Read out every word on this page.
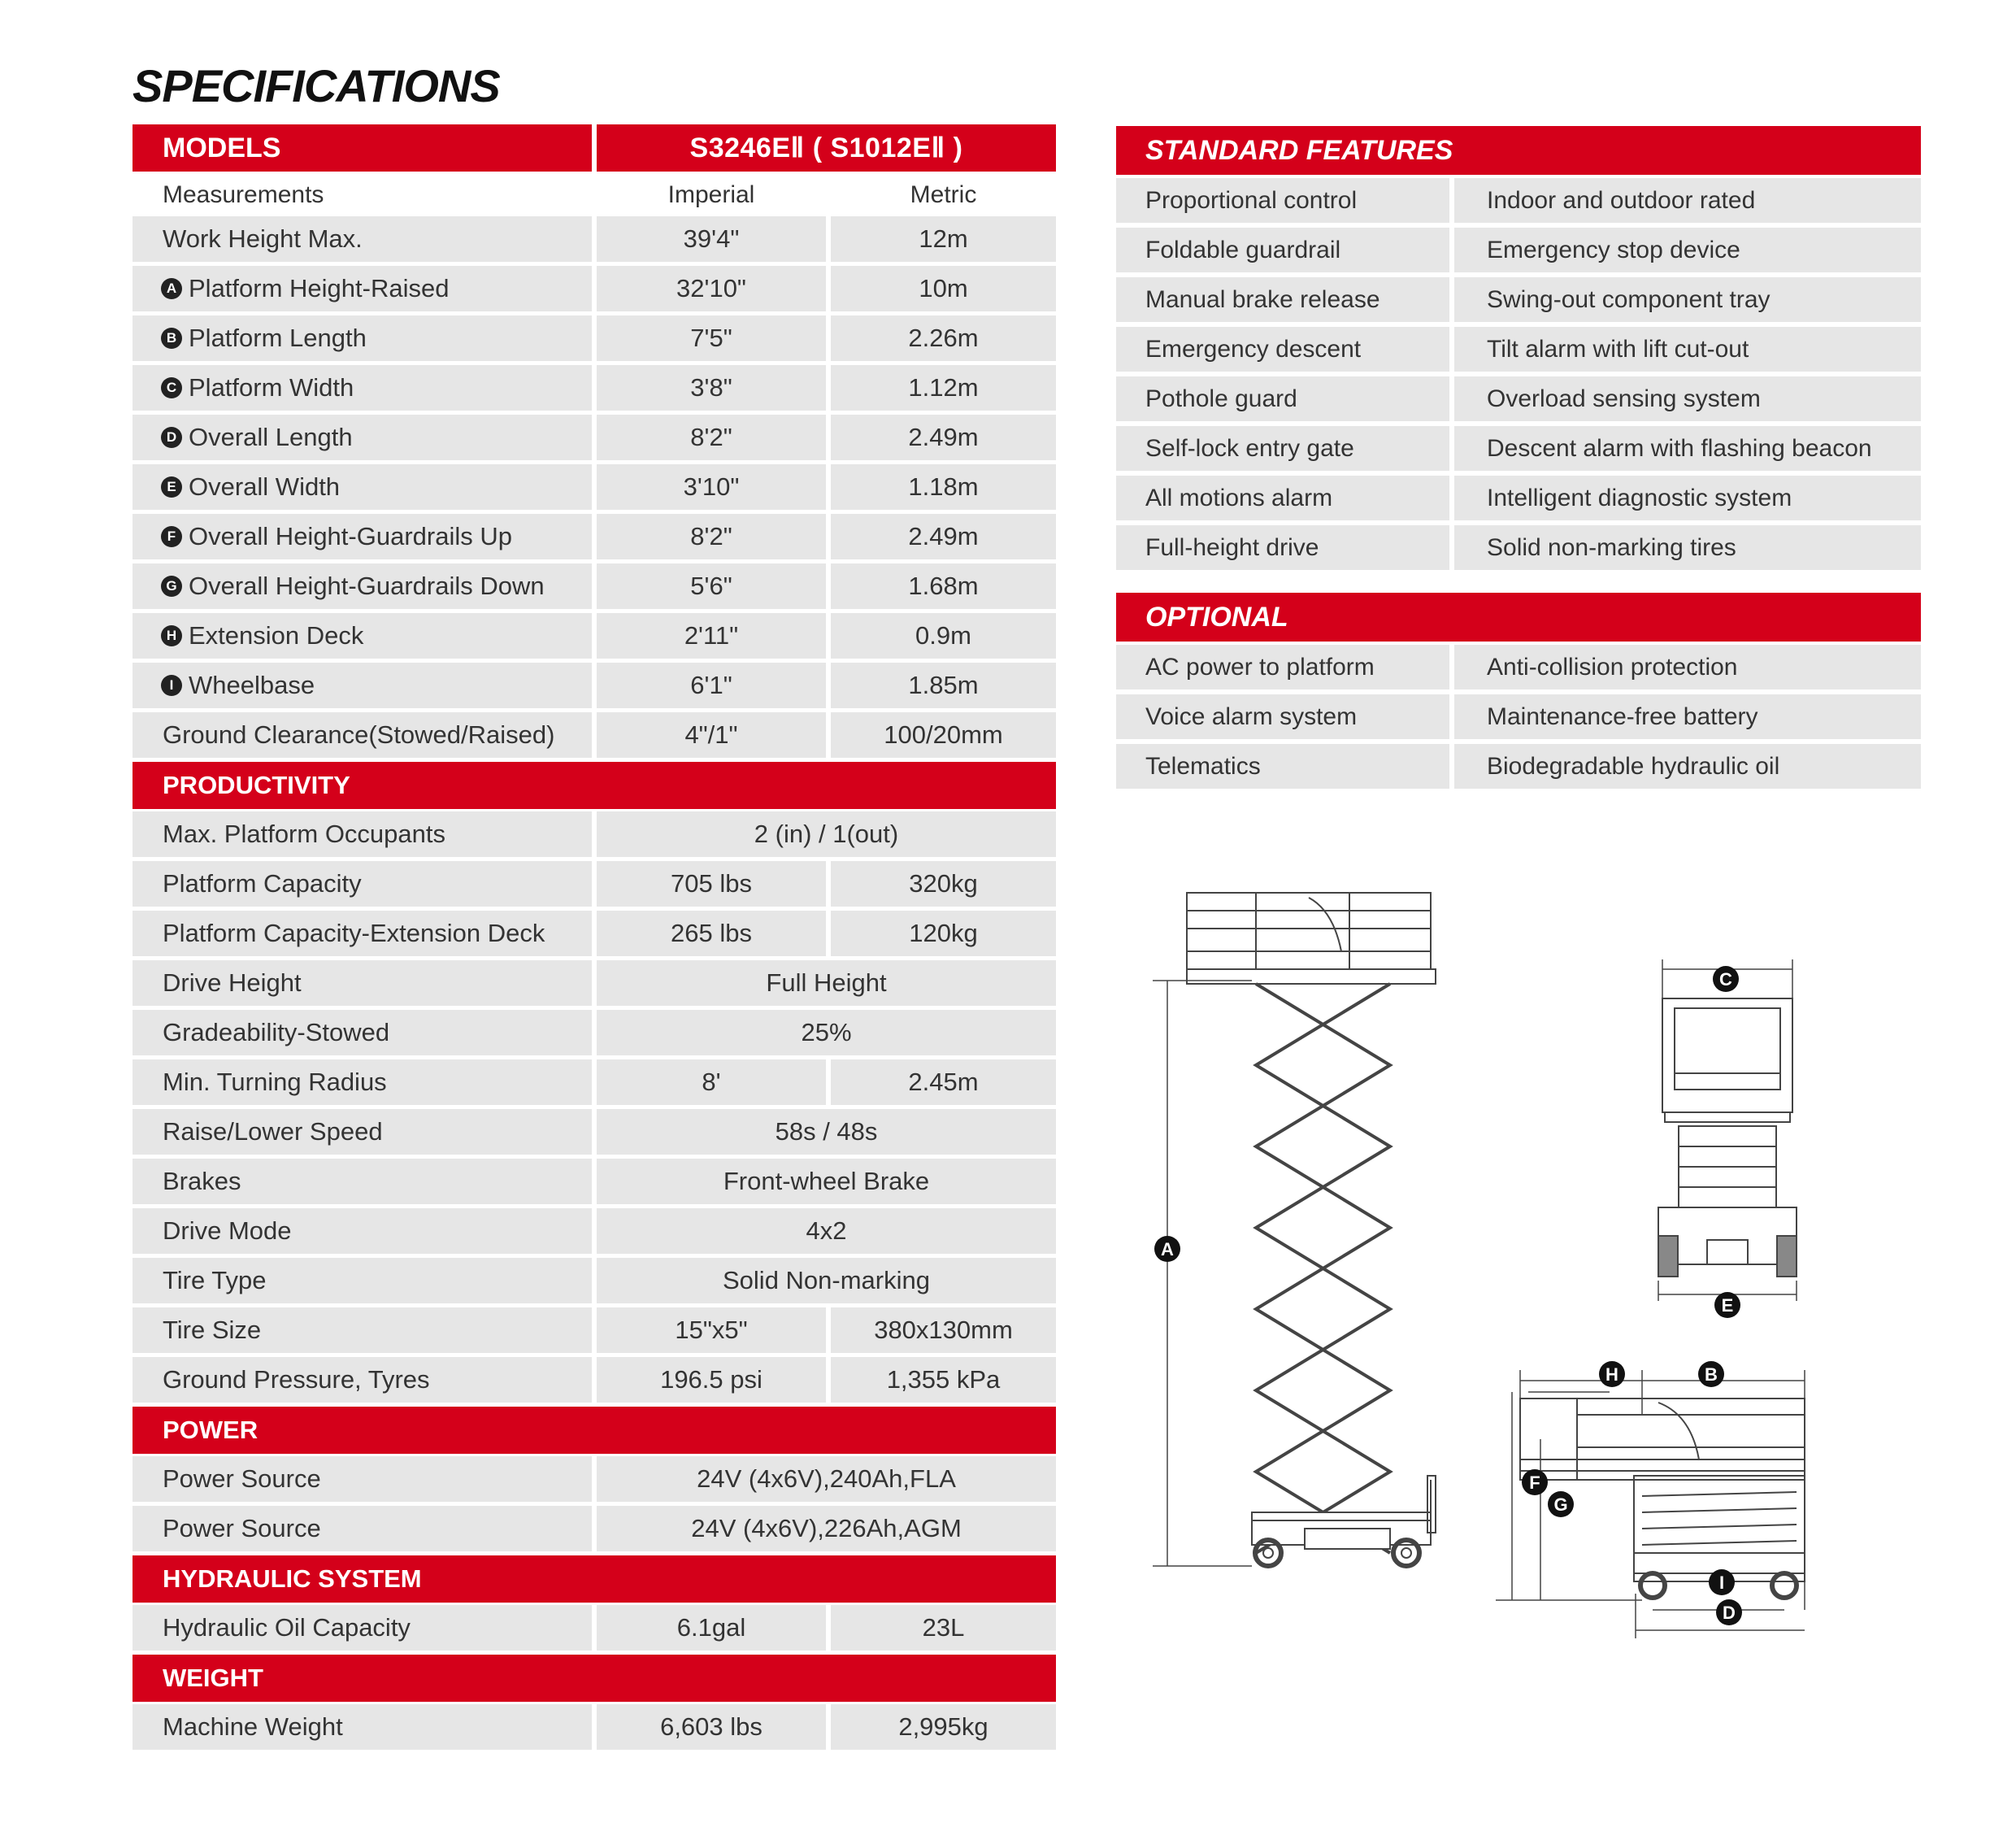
SPECIFICATIONS
MODELS	S3246EⅡ ( S1012EⅡ )
Measurements	Imperial	Metric
Work Height Max.	39'4"	12m
A Platform Height-Raised	32'10"	10m
B Platform Length	7'5"	2.26m
C Platform Width	3'8"	1.12m
D Overall Length	8'2"	2.49m
E Overall Width	3'10"	1.18m
F Overall Height-Guardrails Up	8'2"	2.49m
G Overall Height-Guardrails Down	5'6"	1.68m
H Extension Deck	2'11"	0.9m
I Wheelbase	6'1"	1.85m
Ground Clearance(Stowed/Raised)	4"/1"	100/20mm
PRODUCTIVITY
Max. Platform Occupants	2 (in) / 1(out)
Platform Capacity	705 lbs	320kg
Platform Capacity-Extension Deck	265 lbs	120kg
Drive Height	Full Height
Gradeability-Stowed	25%
Min. Turning Radius	8'	2.45m
Raise/Lower Speed	58s / 48s
Brakes	Front-wheel Brake
Drive Mode	4x2
Tire Type	Solid Non-marking
Tire Size	15"x5"	380x130mm
Ground Pressure, Tyres	196.5 psi	1,355 kPa
POWER
Power Source	24V (4x6V),240Ah,FLA
Power Source	24V (4x6V),226Ah,AGM
HYDRAULIC SYSTEM
Hydraulic Oil Capacity	6.1gal	23L
WEIGHT
Machine Weight	6,603 lbs	2,995kg
STANDARD FEATURES
Proportional control	Indoor and outdoor rated
Foldable guardrail	Emergency stop device
Manual brake release	Swing-out component tray
Emergency descent	Tilt alarm with lift cut-out
Pothole guard	Overload sensing system
Self-lock entry gate	Descent alarm with flashing beacon
All motions alarm	Intelligent diagnostic system
Full-height drive	Solid non-marking tires
OPTIONAL
AC power to platform	Anti-collision protection
Voice alarm system	Maintenance-free battery
Telematics	Biodegradable hydraulic oil
A
B
C
D
E
F
G
H
I
